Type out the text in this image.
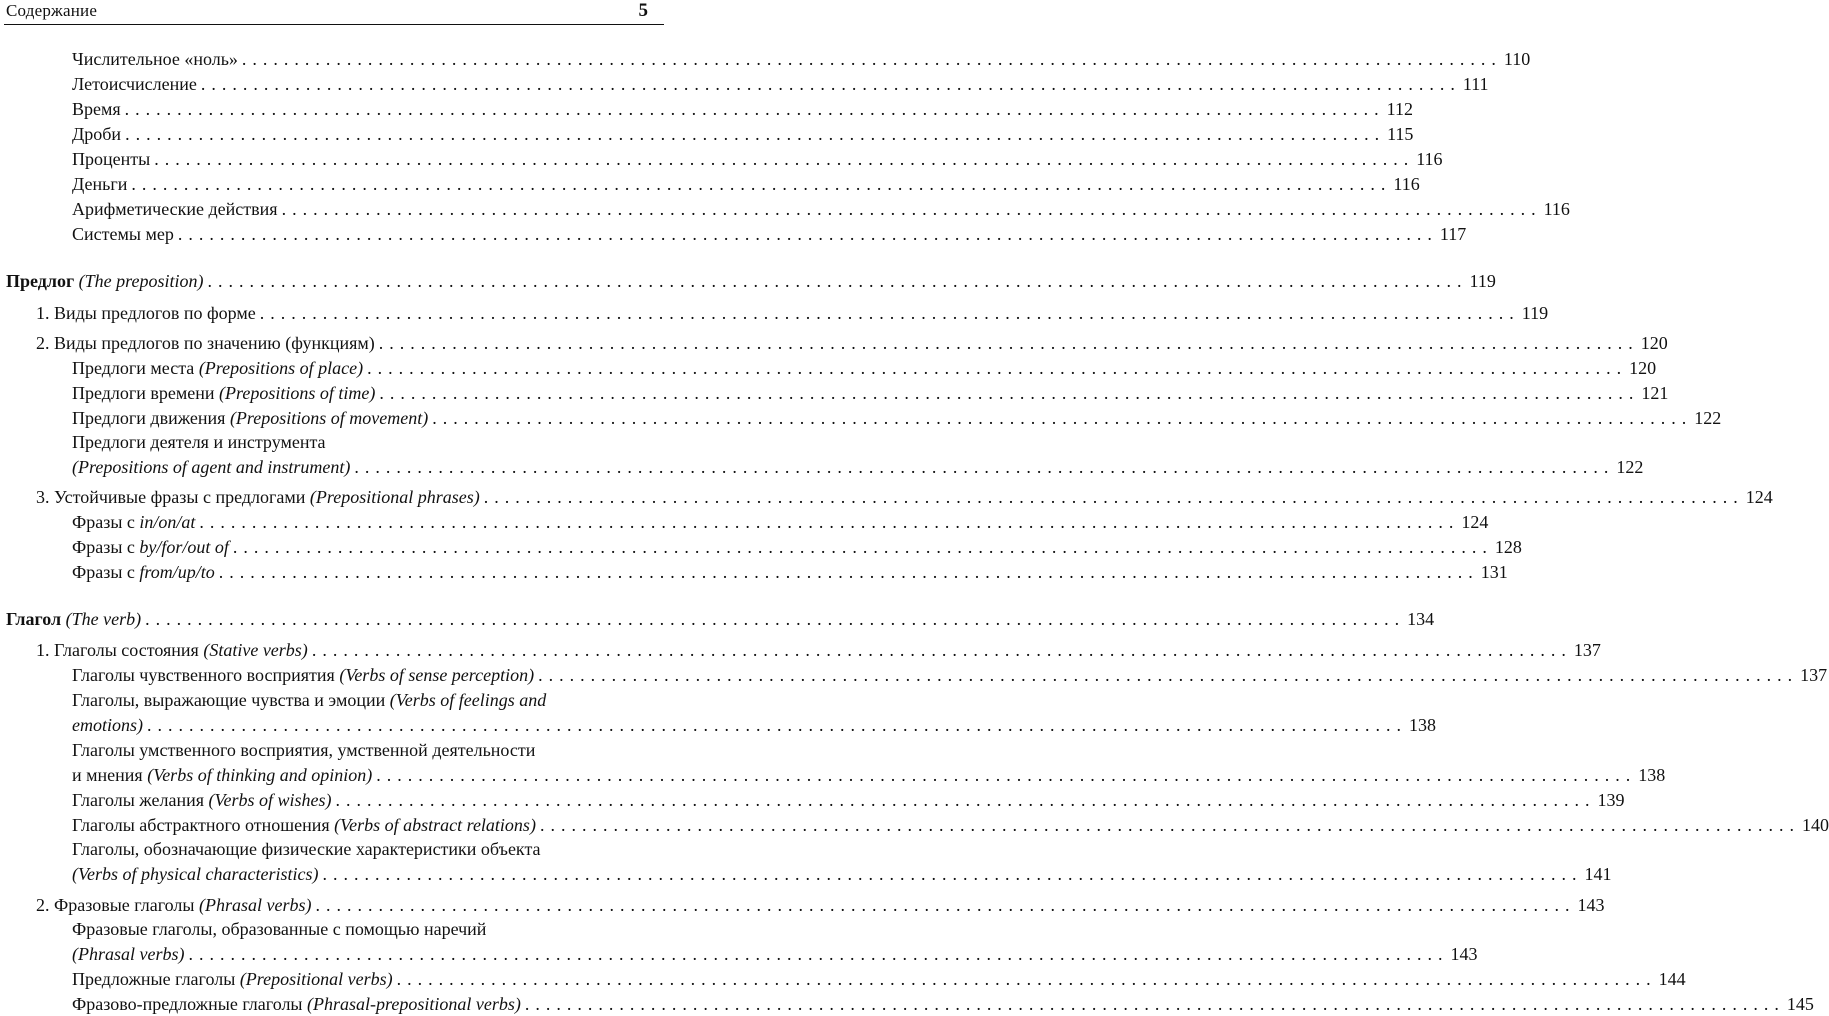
Содержание	5
Числительное «ноль» ........................................................................................................................ 110
Летоисчисление ........................................................................................................................ 111
Время ........................................................................................................................ 112
Дроби ........................................................................................................................ 115
Проценты ........................................................................................................................ 116
Деньги ........................................................................................................................ 116
Арифметические действия ........................................................................................................................ 116
Системы мер ........................................................................................................................ 117
Предлог (The preposition) ........................................................................................................................ 119
1. Виды предлогов по форме ........................................................................................................................ 119
2. Виды предлогов по значению (функциям) ........................................................................................................................ 120
Предлоги места (Prepositions of place) ........................................................................................................................ 120
Предлоги времени (Prepositions of time) ........................................................................................................................ 121
Предлоги движения (Prepositions of movement) ........................................................................................................................ 122
Предлоги деятеля и инструмента
(Prepositions of agent and instrument) ........................................................................................................................ 122
3. Устойчивые фразы с предлогами (Prepositional phrases) ........................................................................................................................ 124
Фразы с in/on/at ........................................................................................................................ 124
Фразы с by/for/out of ........................................................................................................................ 128
Фразы с from/up/to ........................................................................................................................ 131
Глагол (The verb) ........................................................................................................................ 134
1. Глаголы состояния (Stative verbs) ........................................................................................................................ 137
Глаголы чувственного восприятия (Verbs of sense perception) ........................................................................................................................ 137
Глаголы, выражающие чувства и эмоции (Verbs of feelings and
emotions) ........................................................................................................................ 138
Глаголы умственного восприятия, умственной деятельности
и мнения (Verbs of thinking and opinion) ........................................................................................................................ 138
Глаголы желания (Verbs of wishes) ........................................................................................................................ 139
Глаголы абстрактного отношения (Verbs of abstract relations) ........................................................................................................................ 140
Глаголы, обозначающие физические характеристики объекта
(Verbs of physical characteristics) ........................................................................................................................ 141
2. Фразовые глаголы (Phrasal verbs) ........................................................................................................................ 143
Фразовые глаголы, образованные с помощью наречий
(Phrasal verbs) ........................................................................................................................ 143
Предложные глаголы (Prepositional verbs) ........................................................................................................................ 144
Фразово-предложные глаголы (Phrasal-prepositional verbs) ........................................................................................................................ 145
